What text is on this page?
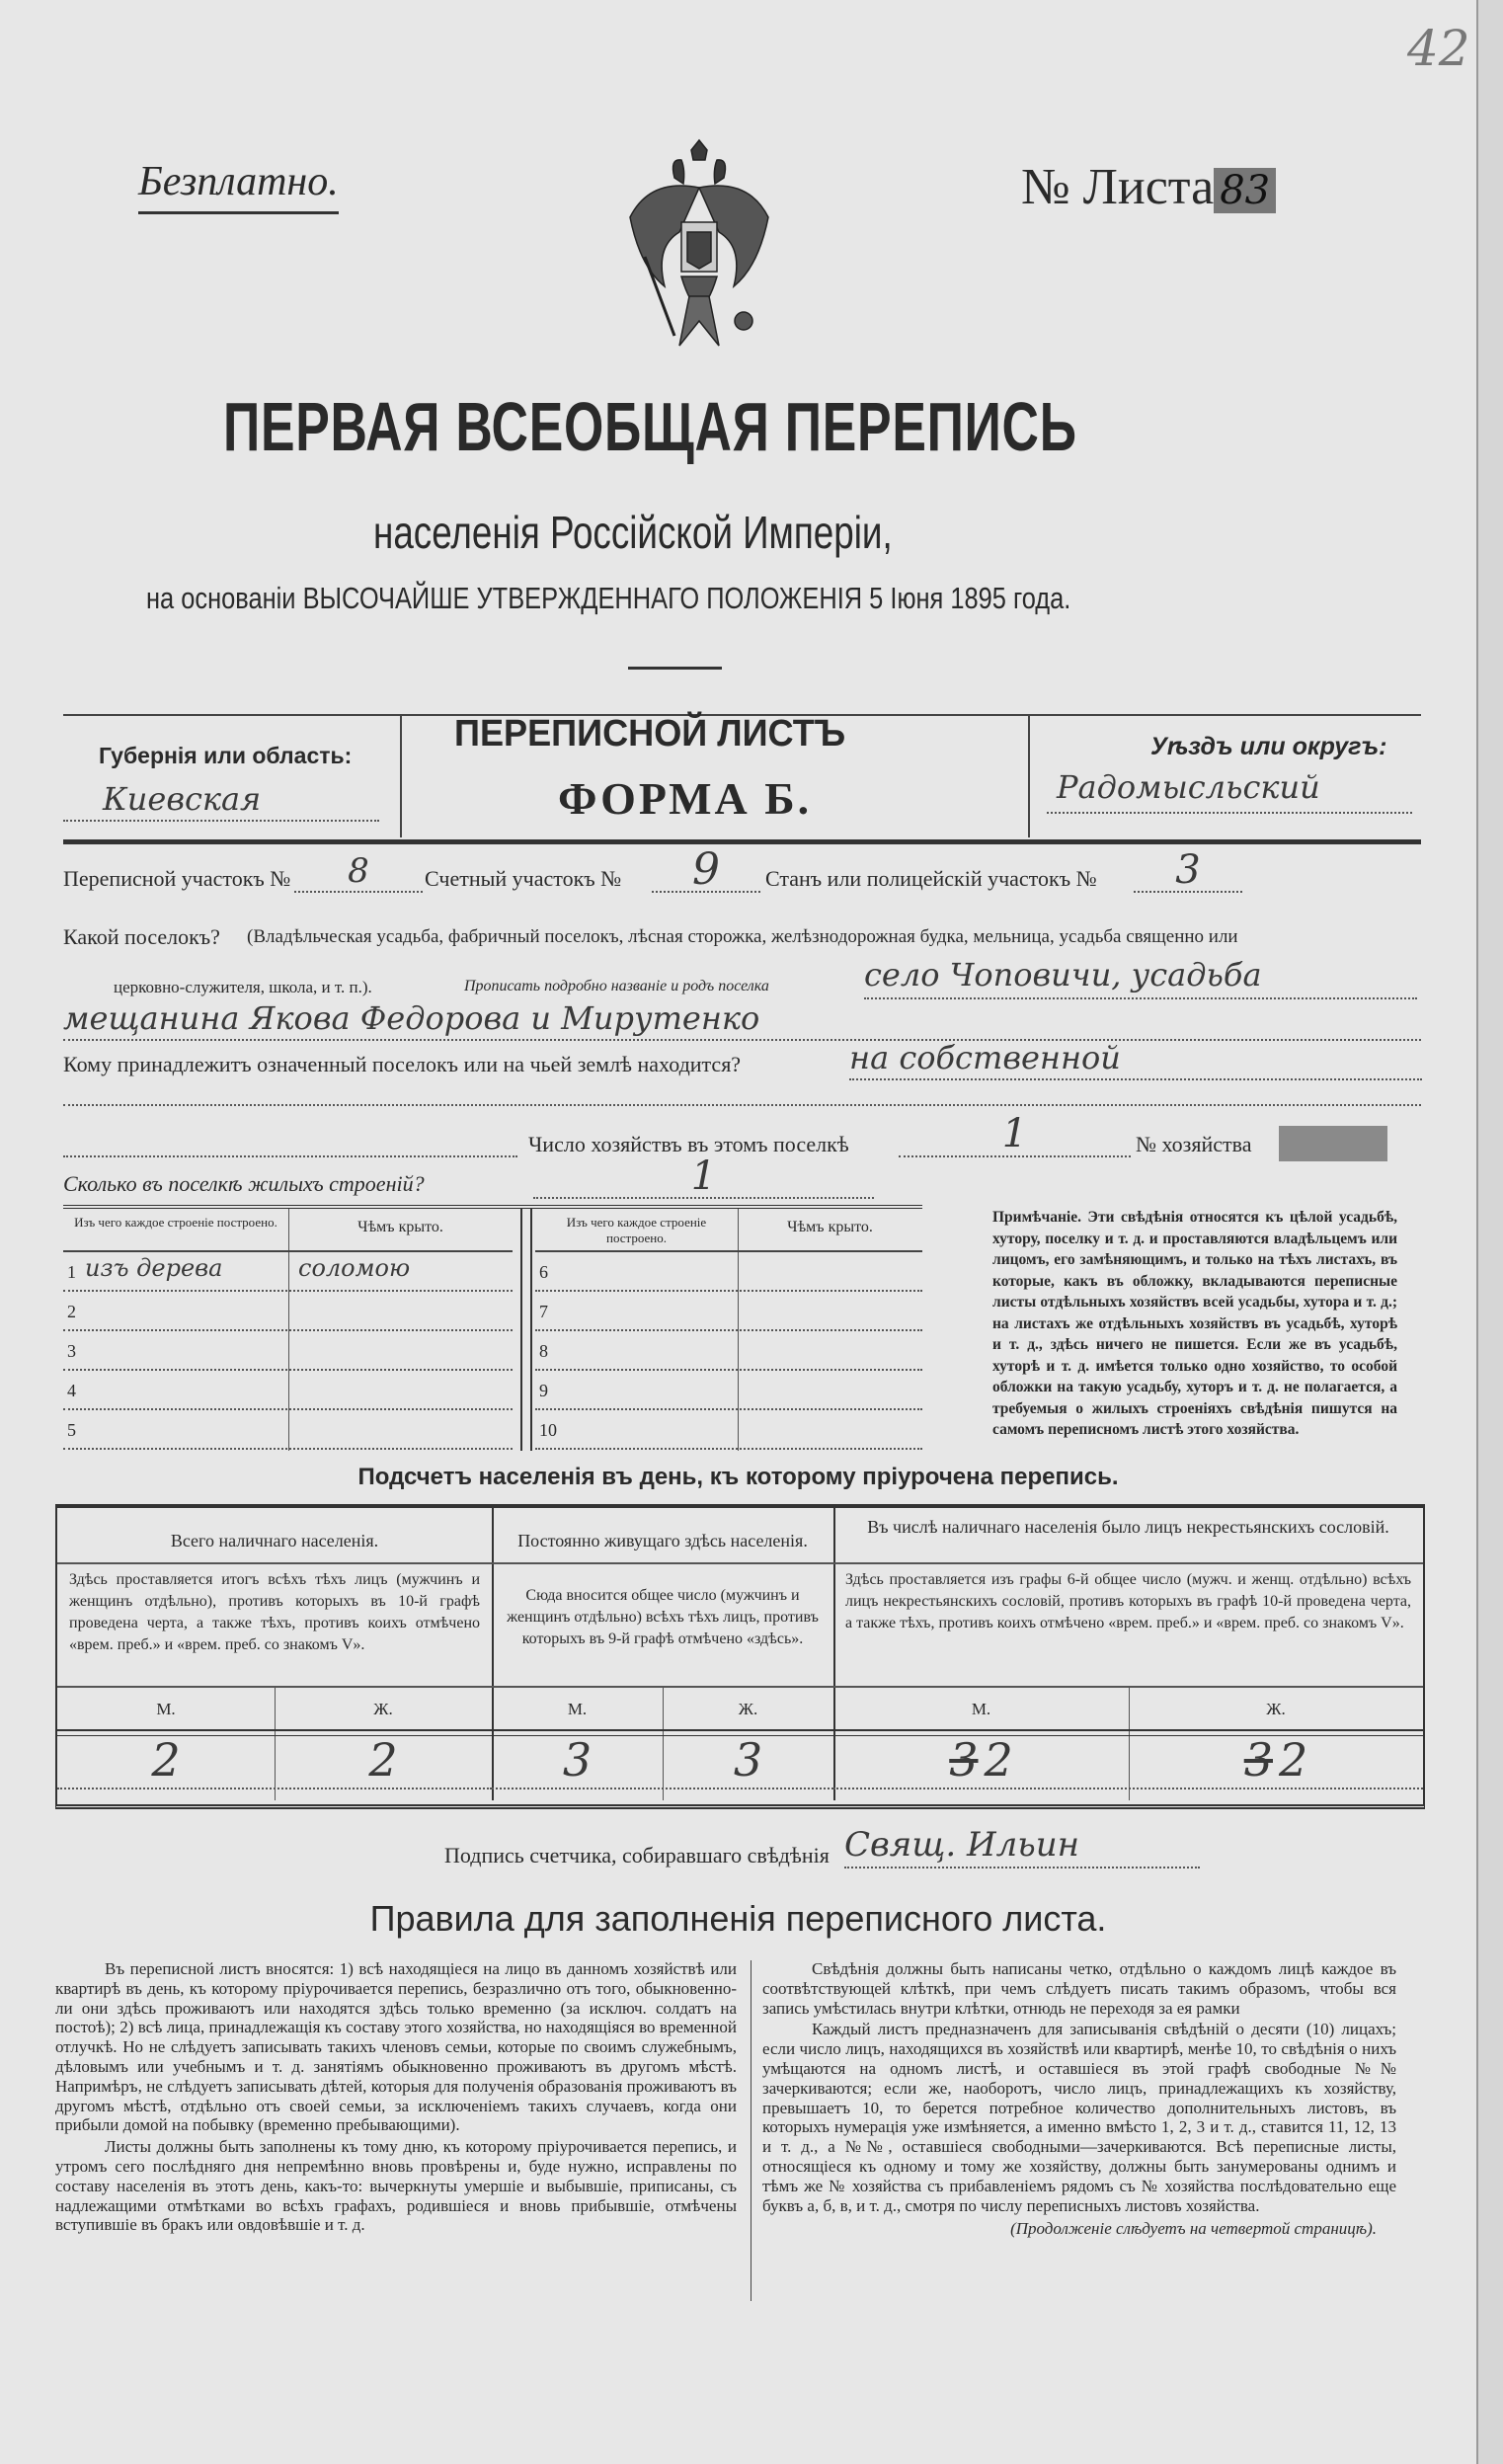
42
Безплатно.	№ Листа 83
ПЕРВАЯ ВСЕОБЩАЯ ПЕРЕПИСЬ
населенія Россійской Имперіи,
на основаніи ВЫСОЧАЙШЕ УТВЕРЖДЕННАГО ПОЛОЖЕНІЯ 5 Іюня 1895 года.
Губернія или область:
Киевская
ПЕРЕПИСНОЙ ЛИСТЪ
ФОРМА Б.
Уѣздъ или округъ:
Радомысльский
Переписной участокъ №	8	Счетный участокъ №	9	Станъ или полицейскій участокъ №	3
Какой поселокъ? (Владѣльческая усадьба, фабричный поселокъ, лѣсная сторожка, желѣзнодорожная будка, мельница, усадьба священно или
церковно-служителя, школа, и т. п.).	Прописать подробно названіе и родъ поселка	село Чоповичи, усадьба
мещанина Якова Федорова и Мирутенко
Кому принадлежитъ означенный поселокъ или на чьей землѣ находится?	на собственной
Число хозяйствъ въ этомъ поселкѣ	1	№ хозяйства
Сколько въ поселкѣ жилыхъ строеній?	1
Изъ чего каждое строеніе построено.	Чѣмъ крыто.
1 изъ дерева	соломою
2
3
4
5
Изъ чего каждое строеніе построено.
Чѣмъ крыто.
6
7
8
9
10
Примѣчаніе. Эти свѣдѣнія относятся къ цѣлой усадьбѣ, хутору, поселку и т. д. и проставляются владѣльцемъ или лицомъ, его замѣняющимъ, и только на тѣхъ листахъ, въ которые, какъ въ обложку, вкладываются переписные листы отдѣльныхъ хозяйствъ всей усадьбы, хутора и т. д.; на листахъ же отдѣльныхъ хозяйствъ въ усадьбѣ, хуторѣ и т. д., здѣсь ничего не пишется. Если же въ усадьбѣ, хуторѣ и т. д. имѣется только одно хозяйство, то особой обложки на такую усадьбу, хуторъ и т. д. не полагается, а требуемыя о жилыхъ строеніяхъ свѣдѣнія пишутся на самомъ переписномъ листѣ этого хозяйства.
Подсчетъ населенія въ день, къ которому пріурочена перепись.
Всего наличнаго населенія.
Здѣсь проставляется итогъ всѣхъ тѣхъ лицъ (мужчинъ и женщинъ отдѣльно), противъ которыхъ въ 10-й графѣ проведена черта, а также тѣхъ, противъ коихъ отмѣчено «врем. преб.» и «врем. преб. со знакомъ V».
М.	Ж.
2	2
Постоянно живущаго здѣсь населенія.
Сюда вносится общее число (мужчинъ и женщинъ отдѣльно) всѣхъ тѣхъ лицъ, противъ которыхъ въ 9-й графѣ отмѣчено «здѣсь».
М.	Ж.
3	3
Въ числѣ наличнаго населенія было лицъ некрестьянскихъ сословій.
Здѣсь проставляется изъ графы 6-й общее число (мужч. и женщ. отдѣльно) всѣхъ лицъ некрестьянскихъ сословій, противъ которыхъ въ графѣ 10-й проведена черта, а также тѣхъ, противъ коихъ отмѣчено «врем. преб.» и «врем. преб. со знакомъ V».
М.	Ж.
3 2	3 2
Подпись счетчика, собиравшаго свѣдѣнія Свящ. Ильин
Правила для заполненія переписного листа.

Въ переписной листъ вносятся: 1) всѣ находящіеся на лицо въ данномъ хозяйствѣ или квартирѣ въ день, къ которому пріурочивается перепись, безразлично отъ того, обыкновенно-ли они здѣсь проживаютъ или находятся здѣсь только временно (за исключ. солдатъ на постоѣ); 2) всѣ лица, принадлежащія къ составу этого хозяйства, но находящіяся во временной отлучкѣ. Но не слѣдуетъ записывать такихъ членовъ семьи, которые по своимъ служебнымъ, дѣловымъ или учебнымъ и т. д. занятіямъ обыкновенно проживаютъ въ другомъ мѣстѣ. Напримѣръ, не слѣдуетъ записывать дѣтей, которыя для полученія образованія проживаютъ въ другомъ мѣстѣ, отдѣльно отъ своей семьи, за исключеніемъ такихъ случаевъ, когда они прибыли домой на побывку (временно пребывающими).

Листы должны быть заполнены къ тому дню, къ которому пріурочивается перепись, и утромъ сего послѣдняго дня непремѣнно вновь провѣрены и, буде нужно, исправлены по составу населенія въ этотъ день, какъ-то: вычеркнуты умершіе и выбывшіе, приписаны, съ надлежащими отмѣтками во всѣхъ графахъ, родившіеся и вновь прибывшіе, отмѣчены вступившіе въ бракъ или овдовѣвшіе и т. д.

Свѣдѣнія должны быть написаны четко, отдѣльно о каждомъ лицѣ каждое въ соотвѣтствующей клѣткѣ, при чемъ слѣдуетъ писать такимъ образомъ, чтобы вся запись умѣстилась внутри клѣтки, отнюдь не переходя за ея рамки

Каждый листъ предназначенъ для записыванія свѣдѣній о десяти (10) лицахъ; если число лицъ, находящихся въ хозяйствѣ или квартирѣ, менѣе 10, то свѣдѣнія о нихъ умѣщаются на одномъ листѣ, и оставшіеся въ этой графѣ свободные №№ зачеркиваются; если же, наоборотъ, число лицъ, принадлежащихъ къ хозяйству, превышаетъ 10, то берется потребное количество дополнительныхъ листовъ, въ которыхъ нумерація уже измѣняется, а именно вмѣсто 1, 2, 3 и т. д., ставится 11, 12, 13 и т. д., а №№, оставшіеся свободными—зачеркиваются. Всѣ переписные листы, относящіеся къ одному и тому же хозяйству, должны быть занумерованы однимъ и тѣмъ же № хозяйства съ прибавленіемъ рядомъ съ № хозяйства послѣдовательно еще буквъ а, б, в, и т. д., смотря по числу переписныхъ листовъ хозяйства.

(Продолженіе слѣдуетъ на четвертой страницѣ).
